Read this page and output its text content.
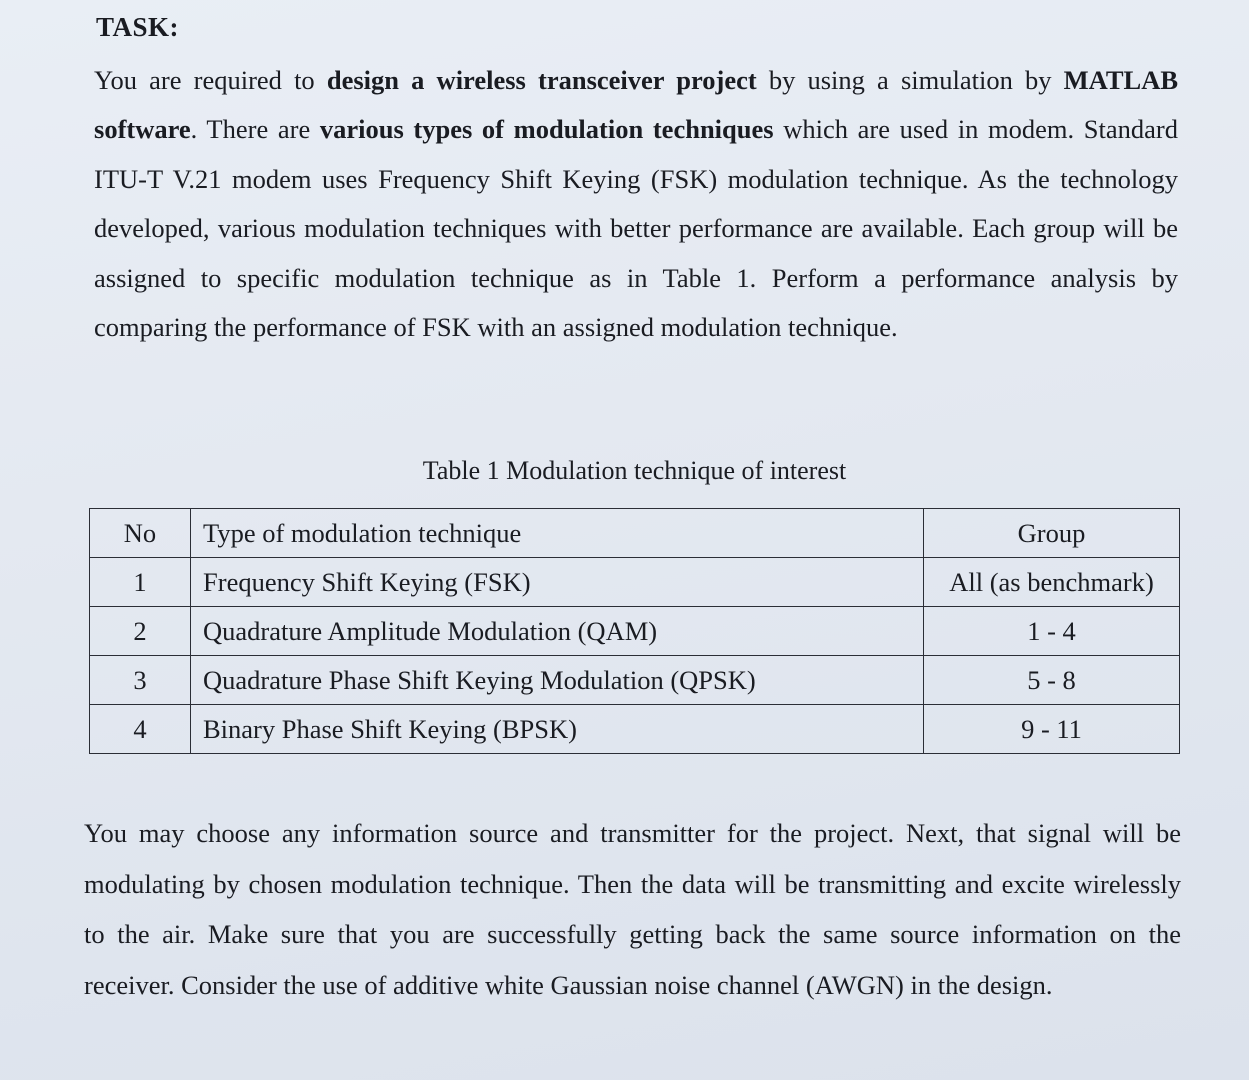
TASK:

You are required to design a wireless transceiver project by using a simulation by MATLAB software. There are various types of modulation techniques which are used in modem. Standard ITU-T V.21 modem uses Frequency Shift Keying (FSK) modulation technique. As the technology developed, various modulation techniques with better performance are available. Each group will be assigned to specific modulation technique as in Table 1. Perform a performance analysis by comparing the performance of FSK with an assigned modulation technique.

Table 1 Modulation technique of interest
No	Type of modulation technique	Group
1	Frequency Shift Keying (FSK)	All (as benchmark)
2	Quadrature Amplitude Modulation (QAM)	1 - 4
3	Quadrature Phase Shift Keying Modulation (QPSK)	5 - 8
4	Binary Phase Shift Keying (BPSK)	9 - 11

You may choose any information source and transmitter for the project. Next, that signal will be modulating by chosen modulation technique. Then the data will be transmitting and excite wirelessly to the air. Make sure that you are successfully getting back the same source information on the receiver. Consider the use of additive white Gaussian noise channel (AWGN) in the design.
